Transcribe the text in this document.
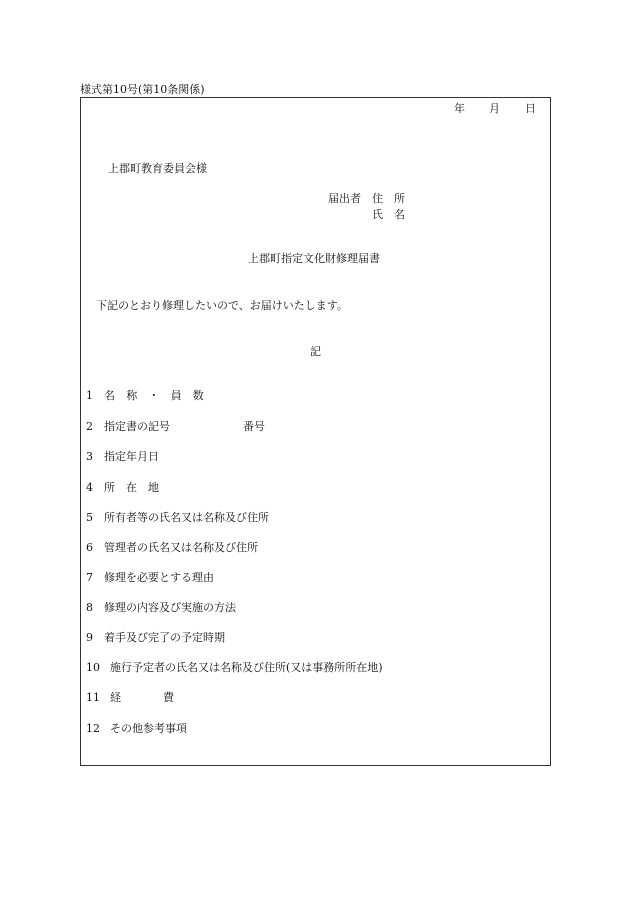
様式第10号(第10条関係)
年 月 日
上郡町教育委員会様
届出者 住　所
氏　名
上郡町指定文化財修理届書
下記のとおり修理したいので、お届けいたします。
記
1 名 称 ・ 員 数
2 指定書の記号	番号
3 指定年月日
4 所　在　地
5 所有者等の氏名又は名称及び住所
6 管理者の氏名又は名称及び住所
7 修理を必要とする理由
8 修理の内容及び実施の方法
9 着手及び完了の予定時期
10 施行予定者の氏名又は名称及び住所(又は事務所所在地)
11 経	費
12 その他参考事項
